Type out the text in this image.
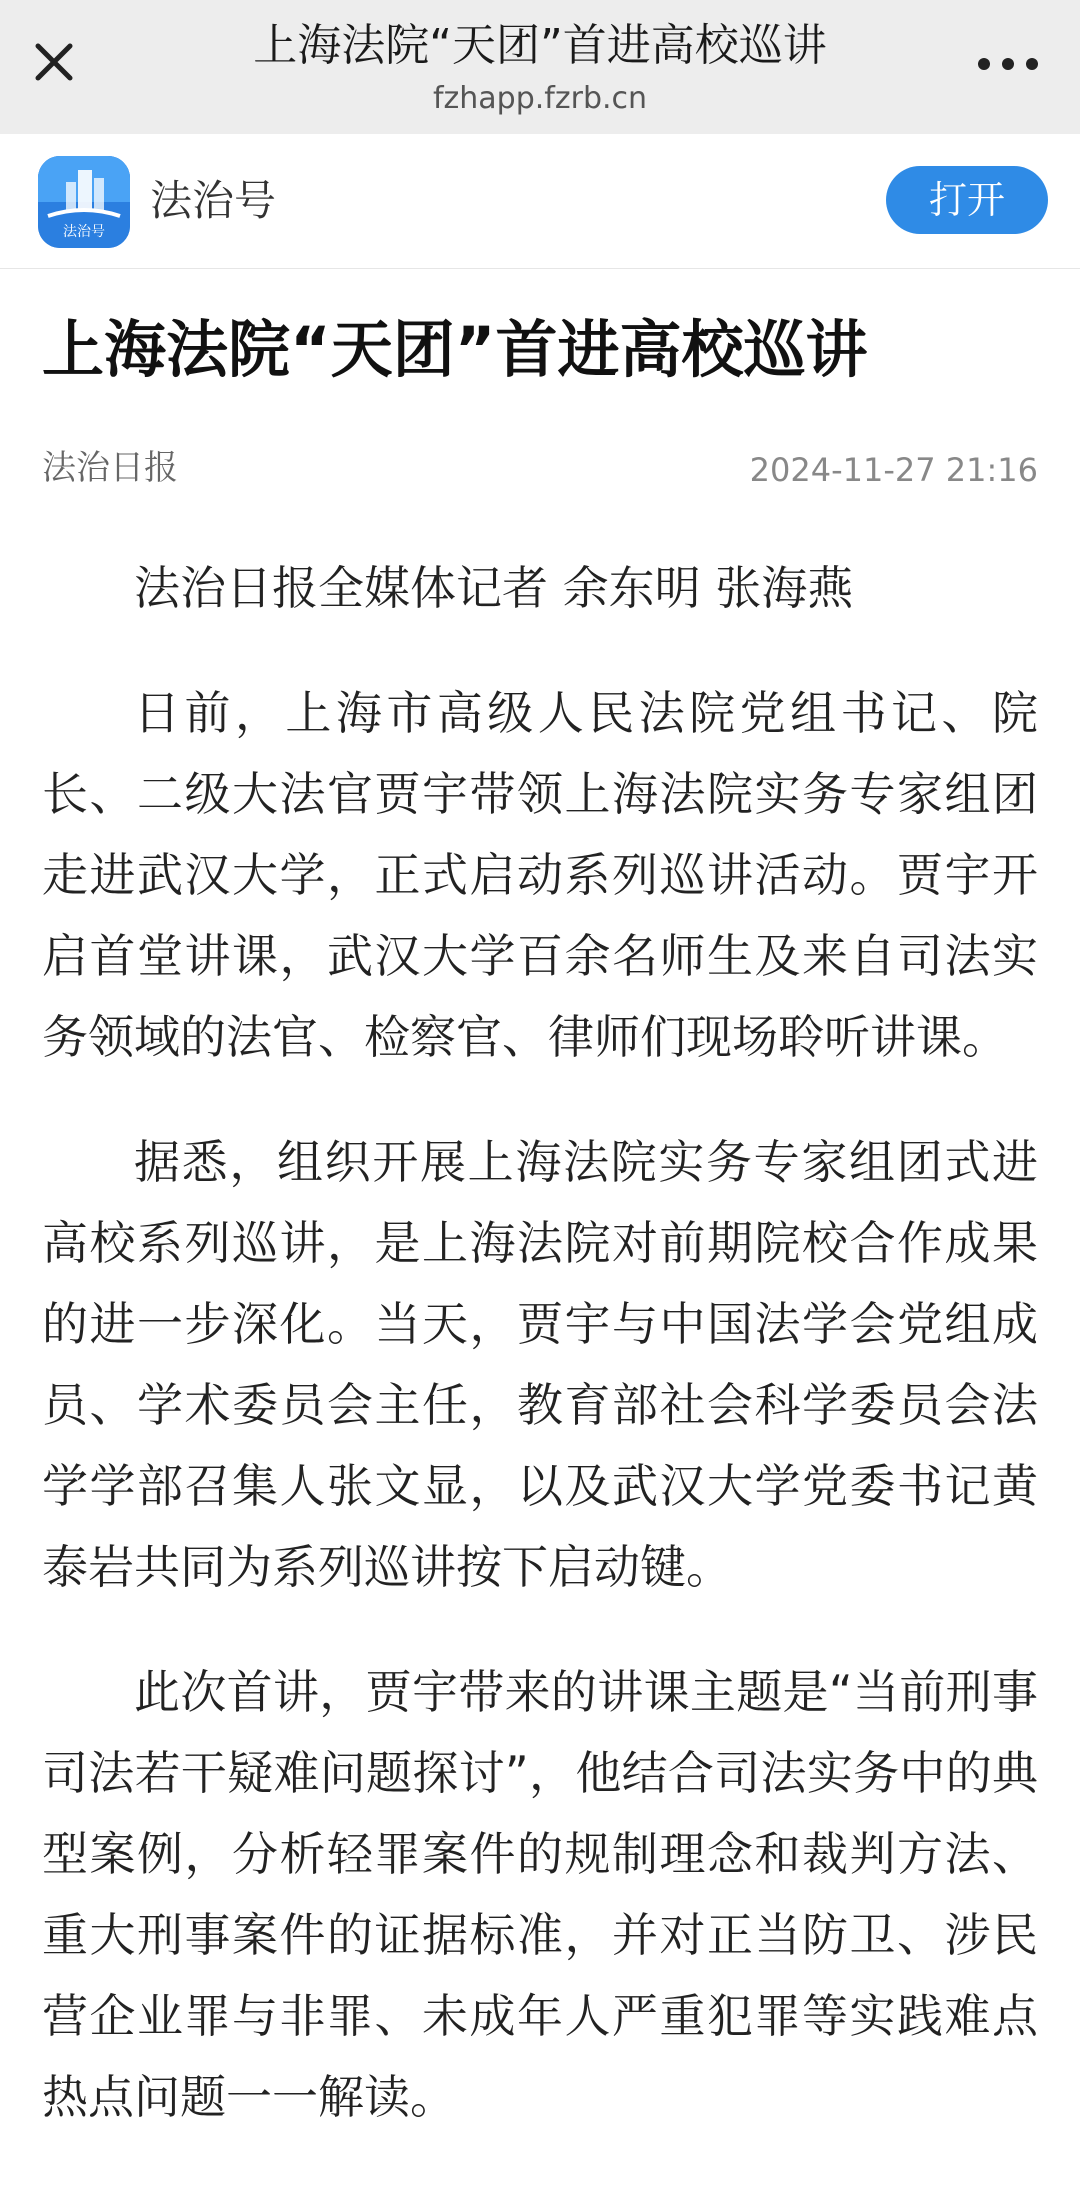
上海法院“天团”首进高校巡讲
fzhapp.fzrb.cn
法治号
法治号	打开
上海法院“天团”首进高校巡讲
法治日报	2024-11-27 21:16

法治日报全媒体记者 余东明 张海燕

日前，上海市高级人民法院党组书记、院长、二级大法官贾宇带领上海法院实务专家组团走进武汉大学，正式启动系列巡讲活动。贾宇开启首堂讲课，武汉大学百余名师生及来自司法实务领域的法官、检察官、律师们现场聆听讲课。

据悉，组织开展上海法院实务专家组团式进高校系列巡讲，是上海法院对前期院校合作成果的进一步深化。当天，贾宇与中国法学会党组成员、学术委员会主任，教育部社会科学委员会法学学部召集人张文显，以及武汉大学党委书记黄泰岩共同为系列巡讲按下启动键。

此次首讲，贾宇带来的讲课主题是“当前刑事司法若干疑难问题探讨”，他结合司法实务中的典型案例，分析轻罪案件的规制理念和裁判方法、重大刑事案件的证据标准，并对正当防卫、涉民营企业罪与非罪、未成年人严重犯罪等实践难点热点问题一一解读。
